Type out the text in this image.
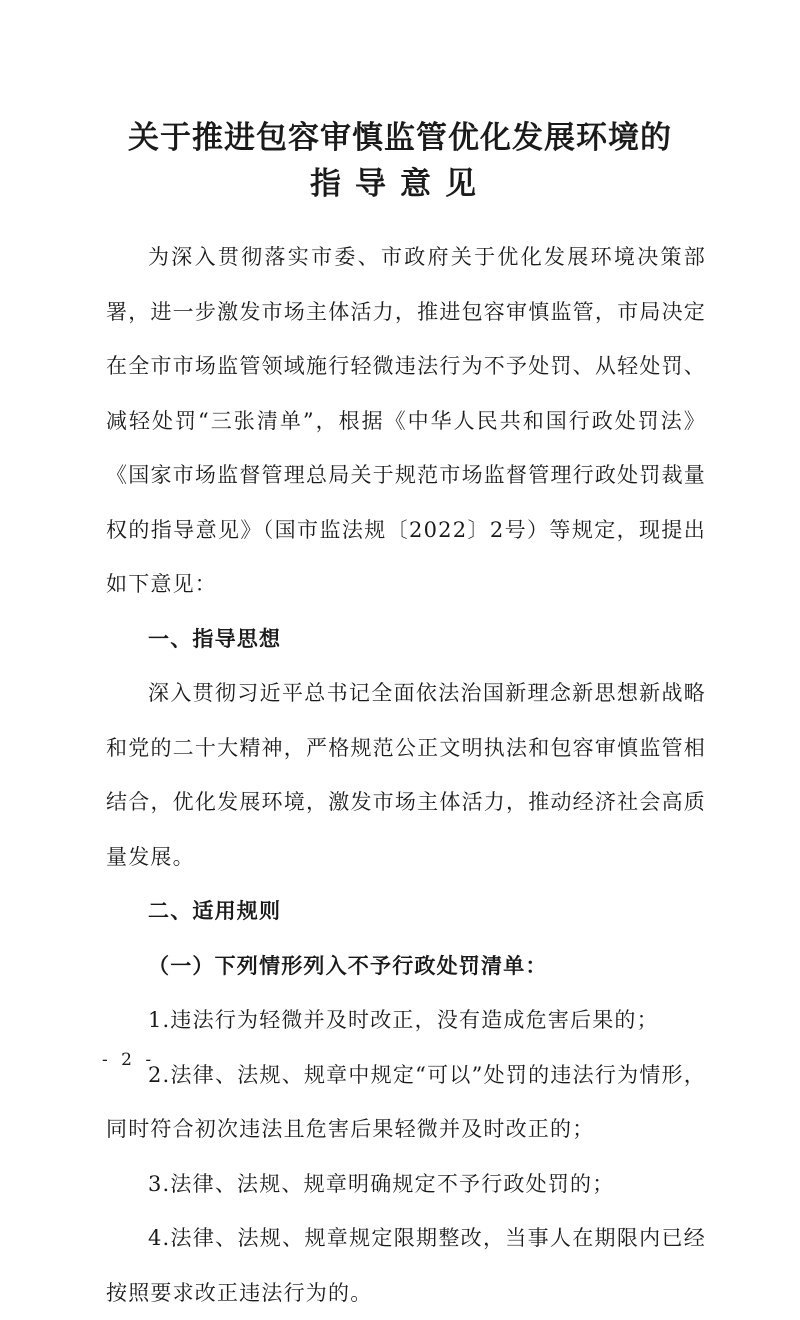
关于推进包容审慎监管优化发展环境的
指导意见

为深入贯彻落实市委、市政府关于优化发展环境决策部署，进一步激发市场主体活力，推进包容审慎监管，市局决定在全市市场监管领域施行轻微违法行为不予处罚、从轻处罚、减轻处罚“三张清单”，根据《中华人民共和国行政处罚法》《国家市场监督管理总局关于规范市场监督管理行政处罚裁量权的指导意见》（国市监法规〔2022〕2号）等规定，现提出如下意见：

一、指导思想

深入贯彻习近平总书记全面依法治国新理念新思想新战略和党的二十大精神，严格规范公正文明执法和包容审慎监管相结合，优化发展环境，激发市场主体活力，推动经济社会高质量发展。

二、适用规则

（一）下列情形列入不予行政处罚清单：

1.违法行为轻微并及时改正，没有造成危害后果的；

2.法律、法规、规章中规定“可以”处罚的违法行为情形，同时符合初次违法且危害后果轻微并及时改正的；

3.法律、法规、规章明确规定不予行政处罚的；

4.法律、法规、规章规定限期整改，当事人在期限内已经按照要求改正违法行为的。

- 2 -
